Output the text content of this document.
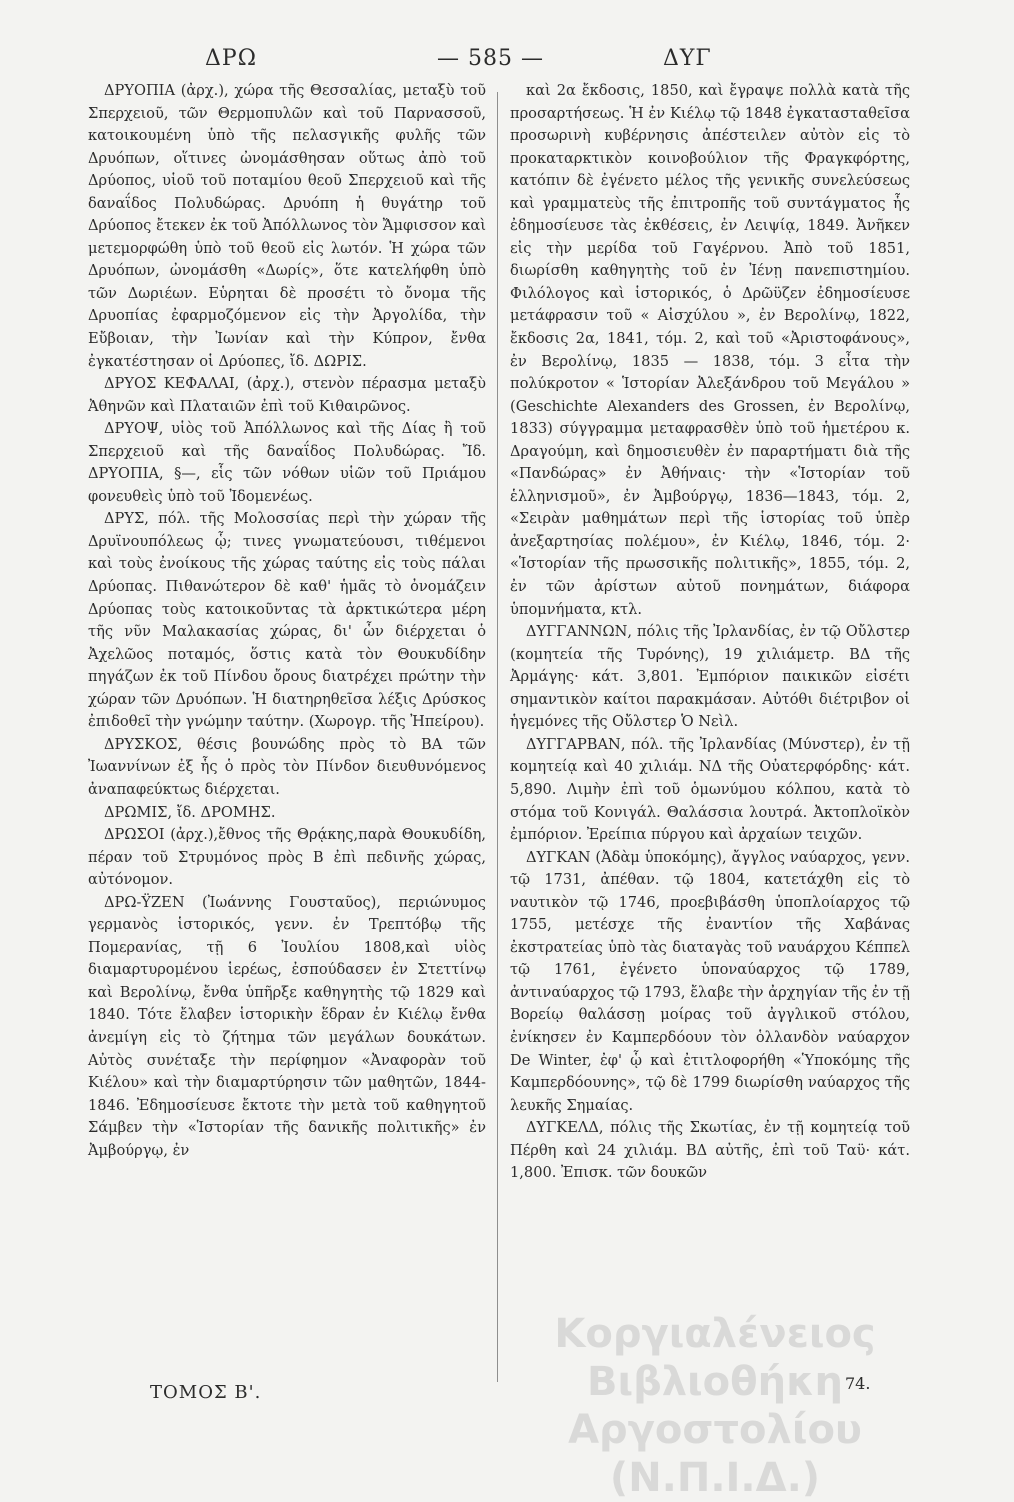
ΔΡΩ	— 585 —	ΔΥΓ

ΔΡΥΟΠΙΑ (ἀρχ.), χώρα τῆς Θεσσαλίας, μεταξὺ τοῦ Σπερχειοῦ, τῶν Θερμοπυλῶν καὶ τοῦ Παρνασσοῦ, κατοικουμένη ὑπὸ τῆς πελασγικῆς φυλῆς τῶν Δρυόπων, οἵτινες ὠνομάσθησαν οὕτως ἀπὸ τοῦ Δρύοπος, υἱοῦ τοῦ ποταμίου θεοῦ Σπερχειοῦ καὶ τῆς δαναΐδος Πολυδώρας. Δρυόπη ἡ θυγάτηρ τοῦ Δρύοπος ἔτεκεν ἐκ τοῦ Ἀπόλλωνος τὸν Ἄμφισσον καὶ μετεμορφώθη ὑπὸ τοῦ θεοῦ εἰς λωτόν. Ἡ χώρα τῶν Δρυόπων, ὠνομάσθη «Δωρίς», ὅτε κατελήφθη ὑπὸ τῶν Δωριέων. Εὑρηται δὲ προσέτι τὸ ὄνομα τῆς Δρυοπίας ἐφαρμοζόμενον εἰς τὴν Ἀργολίδα, τὴν Εὔβοιαν, τὴν Ἰωνίαν καὶ τὴν Κύπρον, ἔνθα ἐγκατέστησαν οἱ Δρύοπες, ἴδ. ΔΩΡΙΣ.

ΔΡΥΟΣ ΚΕΦΑΛΑΙ, (ἀρχ.), στενὸν πέρασμα μεταξὺ Ἀθηνῶν καὶ Πλαταιῶν ἐπὶ τοῦ Κιθαιρῶνος.

ΔΡΥΟΨ, υἱὸς τοῦ Ἀπόλλωνος καὶ τῆς Δίας ἢ τοῦ Σπερχειοῦ καὶ τῆς δαναΐδος Πολυδώρας. Ἴδ. ΔΡΥΟΠΙΑ, §—, εἷς τῶν νόθων υἱῶν τοῦ Πριάμου φονευθεὶς ὑπὸ τοῦ Ἰδομενέως.

ΔΡΥΣ, πόλ. τῆς Μολοσσίας περὶ τὴν χώραν τῆς Δρυϊνουπόλεως ᾧ; τινες γνωματεύουσι, τιθέμενοι καὶ τοὺς ἐνοίκους τῆς χώρας ταύτης εἰς τοὺς πάλαι Δρύοπας. Πιθανώτερον δὲ καθ' ἡμᾶς τὸ ὀνομάζειν Δρύοπας τοὺς κατοικοῦντας τὰ ἀρκτικώτερα μέρη τῆς νῦν Μαλακασίας χώρας, δι' ὧν διέρχεται ὁ Ἀχελῶος ποταμός, ὅστις κατὰ τὸν Θουκυδίδην πηγάζων ἐκ τοῦ Πίνδου ὄρους διατρέχει πρώτην τὴν χώραν τῶν Δρυόπων. Ἡ διατηρηθεῖσα λέξις Δρύσκος ἐπιδοθεῖ τὴν γνώμην ταύτην. (Χωρογρ. τῆς Ἠπείρου).

ΔΡΥΣΚΟΣ, θέσις βουνώδης πρὸς τὸ ΒΑ τῶν Ἰωαννίνων ἐξ ἧς ὁ πρὸς τὸν Πίνδον διευθυνόμενος ἀναπαφεύκτως διέρχεται.

ΔΡΩΜΙΣ, ἴδ. ΔΡΟΜΗΣ.

ΔΡΩΣΟΙ (ἀρχ.),ἔθνος τῆς Θρᾴκης,παρὰ Θουκυδίδη, πέραν τοῦ Στρυμόνος πρὸς Β ἐπὶ πεδινῆς χώρας, αὐτόνομον.

ΔΡΩ-ΫΖΕΝ (Ἰωάννης Γουσταῦος), περιώνυμος γερμανὸς ἱστορικός, γενν. ἐν Τρεπτόβῳ τῆς Πομερανίας, τῇ 6 Ἰουλίου 1808,καὶ υἱὸς διαμαρτυρομένου ἱερέως, ἐσπούδασεν ἐν Στεττίνῳ καὶ Βερολίνῳ, ἔνθα ὑπῆρξε καθηγητὴς τῷ 1829 καὶ 1840. Τότε ἔλαβεν ἱστορικὴν ἕδραν ἐν Κιέλῳ ἔνθα ἀνεμίγη εἰς τὸ ζήτημα τῶν μεγάλων δουκάτων. Αὐτὸς συνέταξε τὴν περίφημον «Ἀναφορὰν τοῦ Κιέλου» καὶ τὴν διαμαρτύρησιν τῶν μαθητῶν, 1844-1846. Ἐδημοσίευσε ἔκτοτε τὴν μετὰ τοῦ καθηγητοῦ Σάμβεν τὴν «Ἱστορίαν τῆς δανικῆς πολιτικῆς» ἐν Ἀμβούργῳ, ἐν

καὶ 2α ἔκδοσις, 1850, καὶ ἔγραψε πολλὰ κατὰ τῆς προσαρτήσεως. Ἡ ἐν Κιέλῳ τῷ 1848 ἐγκατασταθεῖσα προσωρινὴ κυβέρνησις ἀπέστειλεν αὐτὸν εἰς τὸ προκαταρκτικὸν κοινοβούλιον τῆς Φραγκφόρτης, κατόπιν δὲ ἐγένετο μέλος τῆς γενικῆς συνελεύσεως καὶ γραμματεὺς τῆς ἐπιτροπῆς τοῦ συντάγματος ἧς ἐδημοσίευσε τὰς ἐκθέσεις, ἐν Λειψίᾳ, 1849. Ἀνῆκεν εἰς τὴν μερίδα τοῦ Γαγέρνου. Ἀπὸ τοῦ 1851, διωρίσθη καθηγητὴς τοῦ ἐν Ἰένῃ πανεπιστημίου. Φιλόλογος καὶ ἱστορικός, ὁ Δρῶϋζεν ἐδημοσίευσε μετάφρασιν τοῦ « Αἰσχύλου », ἐν Βερολίνῳ, 1822, ἔκδοσις 2α, 1841, τόμ. 2, καὶ τοῦ «Ἀριστοφάνους», ἐν Βερολίνῳ, 1835 — 1838, τόμ. 3 εἶτα τὴν πολύκροτον « Ἱστορίαν Ἀλεξάνδρου τοῦ Μεγάλου » (Geschichte Alexanders des Grossen, ἐν Βερολίνῳ, 1833) σύγγραμμα μεταφρασθὲν ὑπὸ τοῦ ἡμετέρου κ. Δραγούμη, καὶ δημοσιευθὲν ἐν παραρτήματι διὰ τῆς «Πανδώρας» ἐν Ἀθήναις· τὴν «Ἱστορίαν τοῦ ἑλληνισμοῦ», ἐν Ἀμβούργῳ, 1836—1843, τόμ. 2, «Σειρὰν μαθημάτων περὶ τῆς ἱστορίας τοῦ ὑπὲρ ἀνεξαρτησίας πολέμου», ἐν Κιέλῳ, 1846, τόμ. 2· «Ἱστορίαν τῆς πρωσσικῆς πολιτικῆς», 1855, τόμ. 2, ἐν τῶν ἀρίστων αὐτοῦ πονημάτων, διάφορα ὑπομνήματα, κτλ.

ΔΥΓΓΑΝΝΩΝ, πόλις τῆς Ἰρλανδίας, ἐν τῷ Οὔλστερ (κομητεία τῆς Τυρόνης), 19 χιλιάμετρ. ΒΔ τῆς Ἀρμάγης· κάτ. 3,801. Ἐμπόριον παικικῶν εἰσέτι σημαντικὸν καίτοι παρακμάσαν. Αὐτόθι διέτριβον οἱ ἡγεμόνες τῆς Οὔλστερ Ὁ Νεὶλ.

ΔΥΓΓΑΡΒΑΝ, πόλ. τῆς Ἰρλανδίας (Μύνστερ), ἐν τῇ κομητείᾳ καὶ 40 χιλιάμ. ΝΔ τῆς Οὐατερφόρδης· κάτ. 5,890. Λιμὴν ἐπὶ τοῦ ὁμωνύμου κόλπου, κατὰ τὸ στόμα τοῦ Κονιγάλ. Θαλάσσια λουτρά. Ἀκτοπλοϊκὸν ἐμπόριον. Ἐρείπια πύργου καὶ ἀρχαίων τειχῶν.

ΔΥΓΚΑΝ (Ἀδὰμ ὑποκόμης), ἄγγλος ναύαρχος, γενν. τῷ 1731, ἀπέθαν. τῷ 1804, κατετάχθη εἰς τὸ ναυτικὸν τῷ 1746, προεβιβάσθη ὑποπλοίαρχος τῷ 1755, μετέσχε τῆς ἐναντίον τῆς Χαβάνας ἐκστρατείας ὑπὸ τὰς διαταγὰς τοῦ ναυάρχου Κέππελ τῷ 1761, ἐγένετο ὑποναύαρχος τῷ 1789, ἀντιναύαρχος τῷ 1793, ἔλαβε τὴν ἀρχηγίαν τῆς ἐν τῇ Βορείῳ θαλάσσῃ μοίρας τοῦ ἀγγλικοῦ στόλου, ἐνίκησεν ἐν Καμπερδόουν τὸν ὁλλανδὸν ναύαρχον De Winter, ἐφ' ᾧ καὶ ἐτιτλοφορήθη «Ὑποκόμης τῆς Καμπερδόουνης», τῷ δὲ 1799 διωρίσθη ναύαρχος τῆς λευκῆς Σημαίας.

ΔΥΓΚΕΛΔ, πόλις τῆς Σκωτίας, ἐν τῇ κομητείᾳ τοῦ Πέρθη καὶ 24 χιλιάμ. ΒΔ αὐτῆς, ἐπὶ τοῦ Ταϋ· κάτ. 1,800. Ἐπισκ. τῶν δουκῶν

Κοργιαλένειος Βιβλιοθήκη
Αργοστολίου (Ν.Π.Ι.Δ.)
ΤΟΜΟΣ Β'.	74.
